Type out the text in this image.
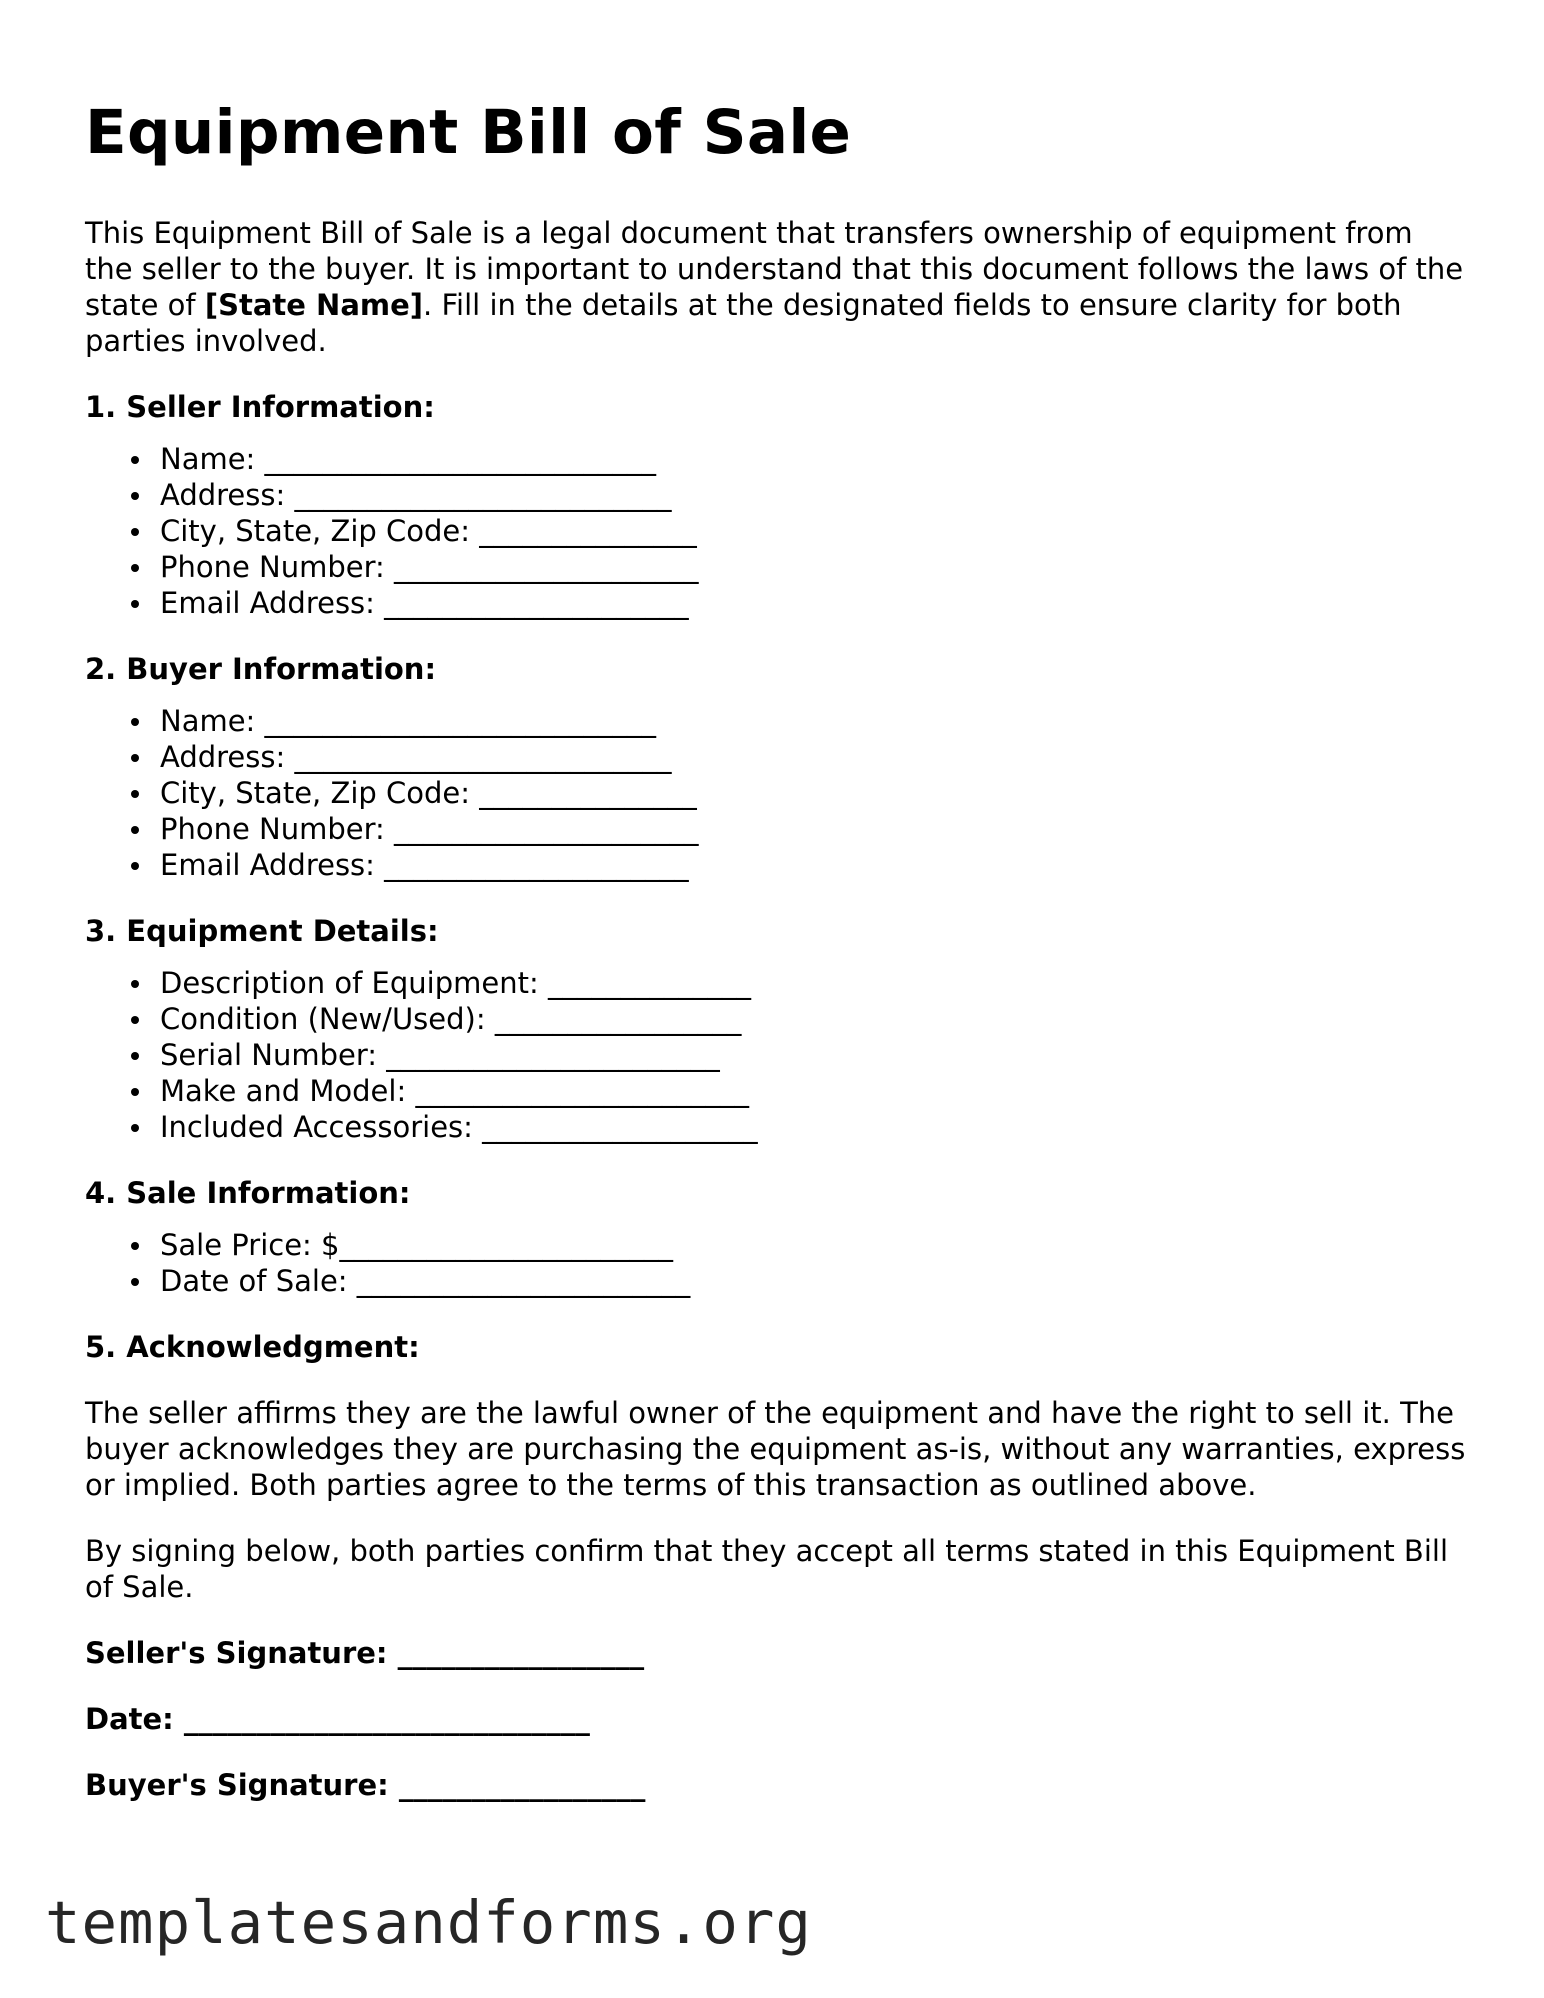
Equipment Bill of Sale

This Equipment Bill of Sale is a legal document that transfers ownership of equipment from the seller to the buyer. It is important to understand that this document follows the laws of the state of [State Name]. Fill in the details at the designated fields to ensure clarity for both parties involved.

1. Seller Information:
Name: ___________________________
Address: __________________________
City, State, Zip Code: _______________
Phone Number: _____________________
Email Address: _____________________
2. Buyer Information:
Name: ___________________________
Address: __________________________
City, State, Zip Code: _______________
Phone Number: _____________________
Email Address: _____________________
3. Equipment Details:
Description of Equipment: ______________
Condition (New/Used): _________________
Serial Number: _______________________
Make and Model: _______________________
Included Accessories: ___________________
4. Sale Information:
Sale Price: $_______________________
Date of Sale: _______________________
5. Acknowledgment:

The seller affirms they are the lawful owner of the equipment and have the right to sell it. The buyer acknowledges they are purchasing the equipment as-is, without any warranties, express or implied. Both parties agree to the terms of this transaction as outlined above.

By signing below, both parties confirm that they accept all terms stated in this Equipment Bill of Sale.

Seller's Signature: _________________

Date: ____________________________

Buyer's Signature: _________________

templatesandforms.org
